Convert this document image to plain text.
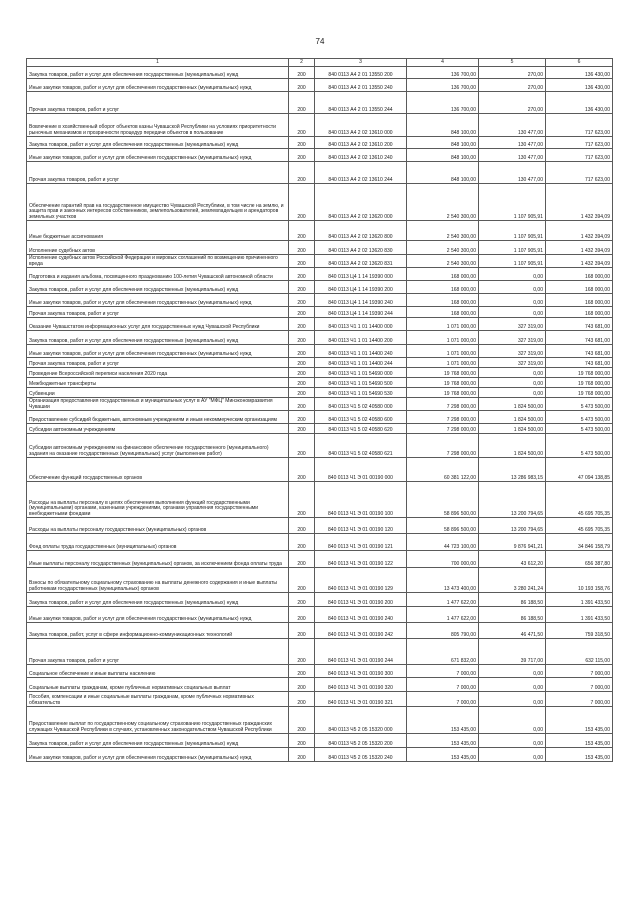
74
1	2	3	4	5	6
Закупка товаров, работ и услуг для обеспечения государственных (муниципальных) нужд	200	840 0113 А4 2 01 13550 200	136 700,00	270,00	136 430,00
Иные закупки товаров, работ и услуг для обеспечения государственных (муниципальных) нужд	200	840 0113 А4 2 01 13550 240	136 700,00	270,00	136 430,00
Прочая закупка товаров, работ и услуг	200	840 0113 А4 2 01 13550 244	136 700,00	270,00	136 430,00
Вовлечение в хозяйственный оборот объектов казны Чувашской Республики на условиях приоритетности рыночных механизмов и прозрачности процедур передачи объектов в пользование	200	840 0113 А4 2 02 13610 000	848 100,00	130 477,00	717 623,00
Закупка товаров, работ и услуг для обеспечения государственных (муниципальных) нужд	200	840 0113 А4 2 02 13610 200	848 100,00	130 477,00	717 623,00
Иные закупки товаров, работ и услуг для обеспечения государственных (муниципальных) нужд	200	840 0113 А4 2 02 13610 240	848 100,00	130 477,00	717 623,00
Прочая закупка товаров, работ и услуг	200	840 0113 А4 2 02 13610 244	848 100,00	130 477,00	717 623,00
Обеспечение гарантий прав на государственное имущество Чувашской Республики, в том числе на землю, и защита прав и законных интересов собственников, землепользователей, землевладельцев и арендаторов земельных участков	200	840 0113 А4 2 02 13620 000	2 540 300,00	1 107 905,91	1 432 394,09
Иные бюджетные ассигнования	200	840 0113 А4 2 02 13620 800	2 540 300,00	1 107 905,91	1 432 394,09
Исполнение судебных актов	200	840 0113 А4 2 02 13620 830	2 540 300,00	1 107 905,91	1 432 394,09
Исполнение судебных актов Российской Федерации и мировых соглашений по возмещению причиненного вреда	200	840 0113 А4 2 02 13620 831	2 540 300,00	1 107 905,91	1 432 394,09
Подготовка и издания альбома, посвященного празднованию 100-летия Чувашской автономной области	200	840 0113 Ц4 1 14 19390 000	168 000,00	0,00	168 000,00
Закупка товаров, работ и услуг для обеспечения государственных (муниципальных) нужд	200	840 0113 Ц4 1 14 19390 200	168 000,00	0,00	168 000,00
Иные закупки товаров, работ и услуг для обеспечения государственных (муниципальных) нужд	200	840 0113 Ц4 1 14 19390 240	168 000,00	0,00	168 000,00
Прочая закупка товаров, работ и услуг	200	840 0113 Ц4 1 14 19390 244	168 000,00	0,00	168 000,00
Оказание Чувашстатом информационных услуг для государственных нужд Чувашской Республики	200	840 0113 Ч1 1 01 14400 000	1 071 000,00	327 319,00	743 681,00
Закупка товаров, работ и услуг для обеспечения государственных (муниципальных) нужд	200	840 0113 Ч1 1 01 14400 200	1 071 000,00	327 319,00	743 681,00
Иные закупки товаров, работ и услуг для обеспечения государственных (муниципальных) нужд	200	840 0113 Ч1 1 01 14400 240	1 071 000,00	327 319,00	743 681,00
Прочая закупка товаров, работ и услуг	200	840 0113 Ч1 1 01 14400 244	1 071 000,00	327 319,00	743 681,00
Проведение Всероссийской переписи населения 2020 года	200	840 0113 Ч1 1 01 54690 000	19 768 000,00	0,00	19 768 000,00
Межбюджетные трансферты	200	840 0113 Ч1 1 01 54690 500	19 768 000,00	0,00	19 768 000,00
Субвенции	200	840 0113 Ч1 1 01 54690 530	19 768 000,00	0,00	19 768 000,00
Организация предоставления государственных и муниципальных услуг в АУ "МФЦ" Минэкономразвития Чувашии	200	840 0113 Ч1 5 02 40580 000	7 298 000,00	1 824 500,00	5 473 500,00
Предоставление субсидий бюджетным, автономным учреждениям и иным некоммерческим организациям	200	840 0113 Ч1 5 02 40580 600	7 298 000,00	1 824 500,00	5 473 500,00
Субсидии автономным учреждениям	200	840 0113 Ч1 5 02 40580 620	7 298 000,00	1 824 500,00	5 473 500,00
Субсидии автономным учреждениям на финансовое обеспечение государственного (муниципального) задания на оказание государственных (муниципальных) услуг (выполнение работ)	200	840 0113 Ч1 5 02 40580 621	7 298 000,00	1 824 500,00	5 473 500,00
Обеспечение функций государственных органов	200	840 0113 Ч1 Э 01 00190 000	60 381 122,00	13 286 983,15	47 094 138,85
Расходы на выплаты персоналу в целях обеспечения выполнения функций государственными (муниципальными) органами, казенными учреждениями, органами управления государственными внебюджетными фондами	200	840 0113 Ч1 Э 01 00190 100	58 896 500,00	13 200 794,65	45 695 705,35
Расходы на выплаты персоналу государственных (муниципальных) органов	200	840 0113 Ч1 Э 01 00190 120	58 896 500,00	13 200 794,65	45 695 705,35
Фонд оплаты труда государственных (муниципальных) органов	200	840 0113 Ч1 Э 01 00190 121	44 723 100,00	9 876 941,21	34 846 158,79
Иные выплаты персоналу государственных (муниципальных) органов, за исключением фонда оплаты труда	200	840 0113 Ч1 Э 01 00190 122	700 000,00	43 612,20	656 387,80
Взносы по обязательному социальному страхованию на выплаты денежного содержания и иные выплаты работникам государственных (муниципальных) органов	200	840 0113 Ч1 Э 01 00190 129	13 473 400,00	3 280 241,24	10 193 158,76
Закупка товаров, работ и услуг для обеспечения государственных (муниципальных) нужд	200	840 0113 Ч1 Э 01 00190 200	1 477 622,00	86 188,50	1 391 433,50
Иные закупки товаров, работ и услуг для обеспечения государственных (муниципальных) нужд	200	840 0113 Ч1 Э 01 00190 240	1 477 622,00	86 188,50	1 391 433,50
Закупка товаров, работ, услуг в сфере информационно-коммуникационных технологий	200	840 0113 Ч1 Э 01 00190 242	805 790,00	46 471,50	759 318,50
Прочая закупка товаров, работ и услуг	200	840 0113 Ч1 Э 01 00190 244	671 832,00	39 717,00	632 115,00
Социальное обеспечение и иные выплаты населению	200	840 0113 Ч1 Э 01 00190 300	7 000,00	0,00	7 000,00
Социальные выплаты гражданам, кроме публичных нормативных социальных выплат	200	840 0113 Ч1 Э 01 00190 320	7 000,00	0,00	7 000,00
Пособия, компенсации и иные социальные выплаты гражданам, кроме публичных нормативных обязательств	200	840 0113 Ч1 Э 01 00190 321	7 000,00	0,00	7 000,00
Предоставление выплат по государственному социальному страхованию государственных гражданских служащих Чувашской Республики в случаях, установленных законодательством Чувашской Республики	200	840 0113 Ч5 2 05 15320 000	153 435,00	0,00	153 435,00
Закупка товаров, работ и услуг для обеспечения государственных (муниципальных) нужд	200	840 0113 Ч5 2 05 15320 200	153 435,00	0,00	153 435,00
Иные закупки товаров, работ и услуг для обеспечения государственных (муниципальных) нужд	200	840 0113 Ч5 2 05 15320 240	153 435,00	0,00	153 435,00
